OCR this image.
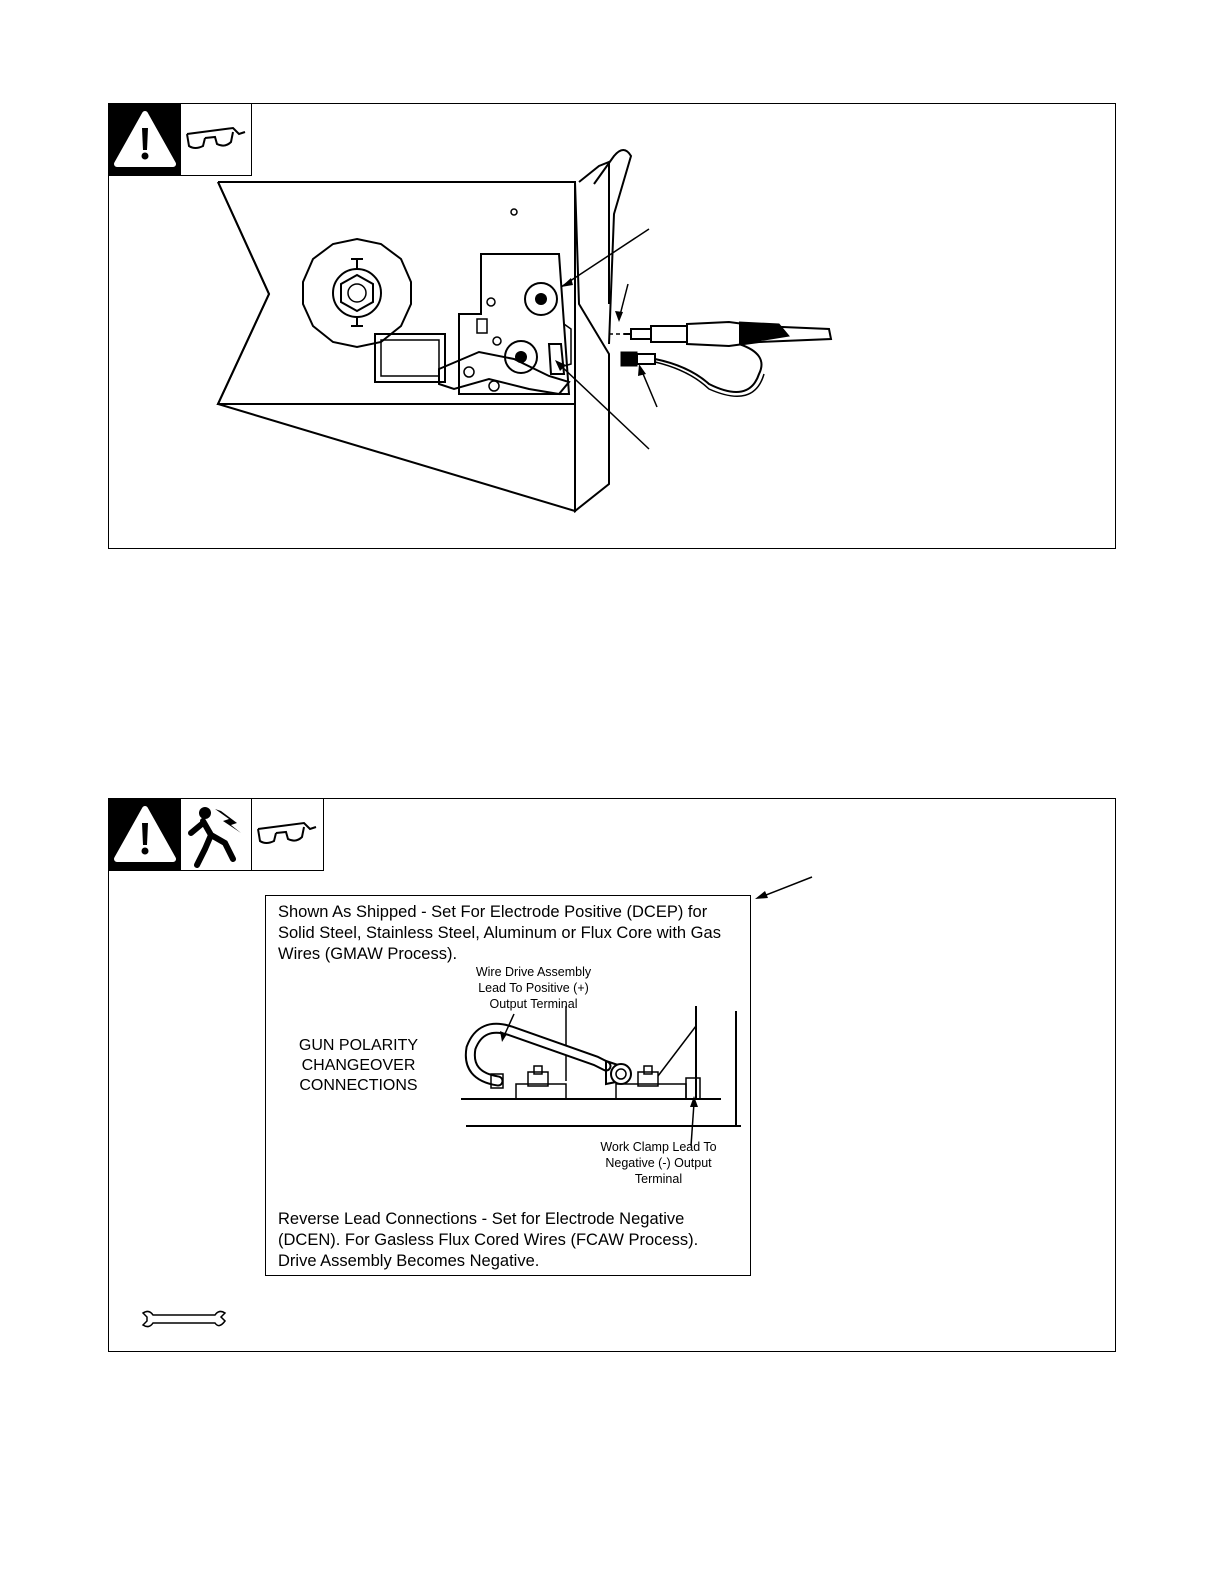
Shown As Shipped - Set For Electrode Positive (DCEP) for Solid Steel, Stainless Steel, Aluminum or Flux Core with Gas Wires (GMAW Process).
Wire Drive Assembly Lead To Positive (+) Output Terminal
GUN POLARITY CHANGEOVER CONNECTIONS
Work Clamp Lead To Negative (-) Output Terminal
Reverse Lead Connections - Set for Electrode Negative (DCEN). For Gasless Flux Cored Wires (FCAW Process).
Drive Assembly Becomes Negative.
